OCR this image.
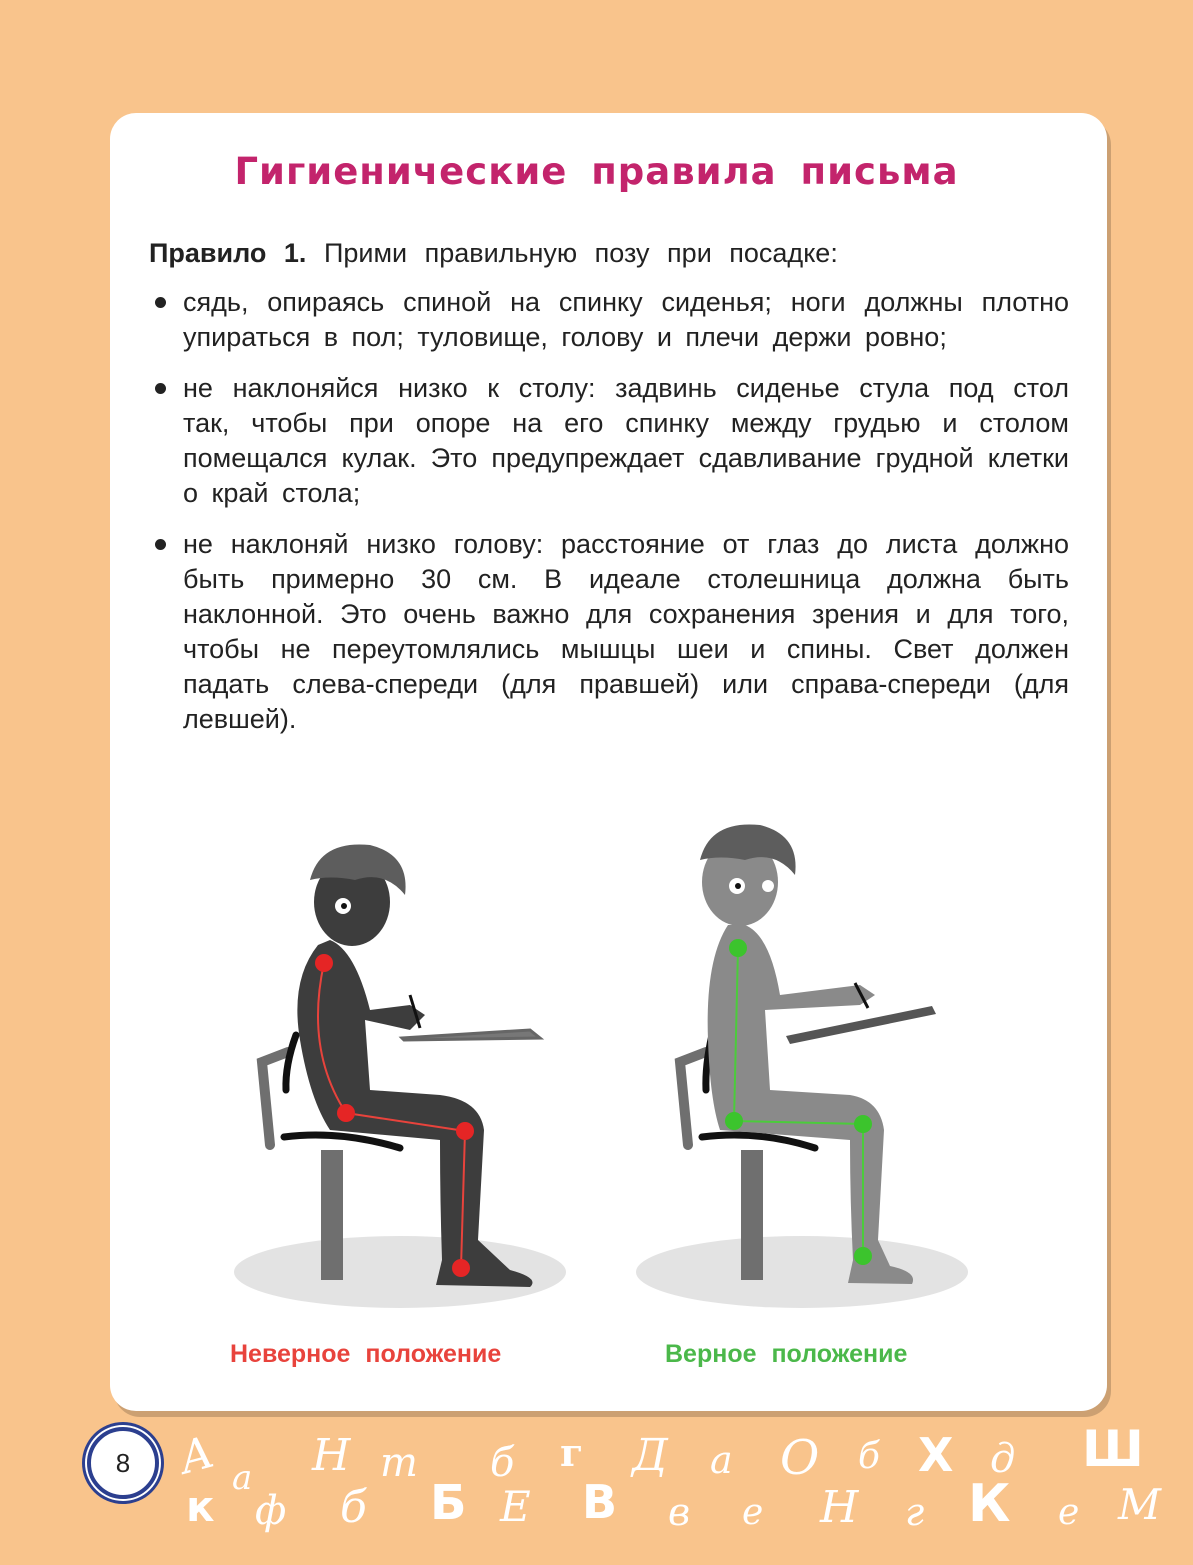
Гигиенические правила письма

Правило 1. Прими правильную позу при посадке:

сядь, опираясь спиной на спинку сиденья; ноги должны плотно упираться в пол; туловище, голову и плечи держи ровно;

не наклоняйся низко к столу: задвинь сиденье стула под стол так, чтобы при опоре на его спинку между грудью и столом помещался кулак. Это предупреждает сдавливание грудной клетки о край стола;

не наклоняй низко голову: расстояние от глаз до листа должно быть примерно 30 см. В идеале столешница должна быть наклонной. Это очень важно для сохранения зрения и для того, чтобы не переутомлялись мышцы шеи и спины. Свет должен падать слева-спереди (для правшей) или справа-спереди (для левшей).

Неверное положение	Верное положение
8 А а Н т б г Д а О б Х д Ш
к ф б Б Е В в е Н г К е М
